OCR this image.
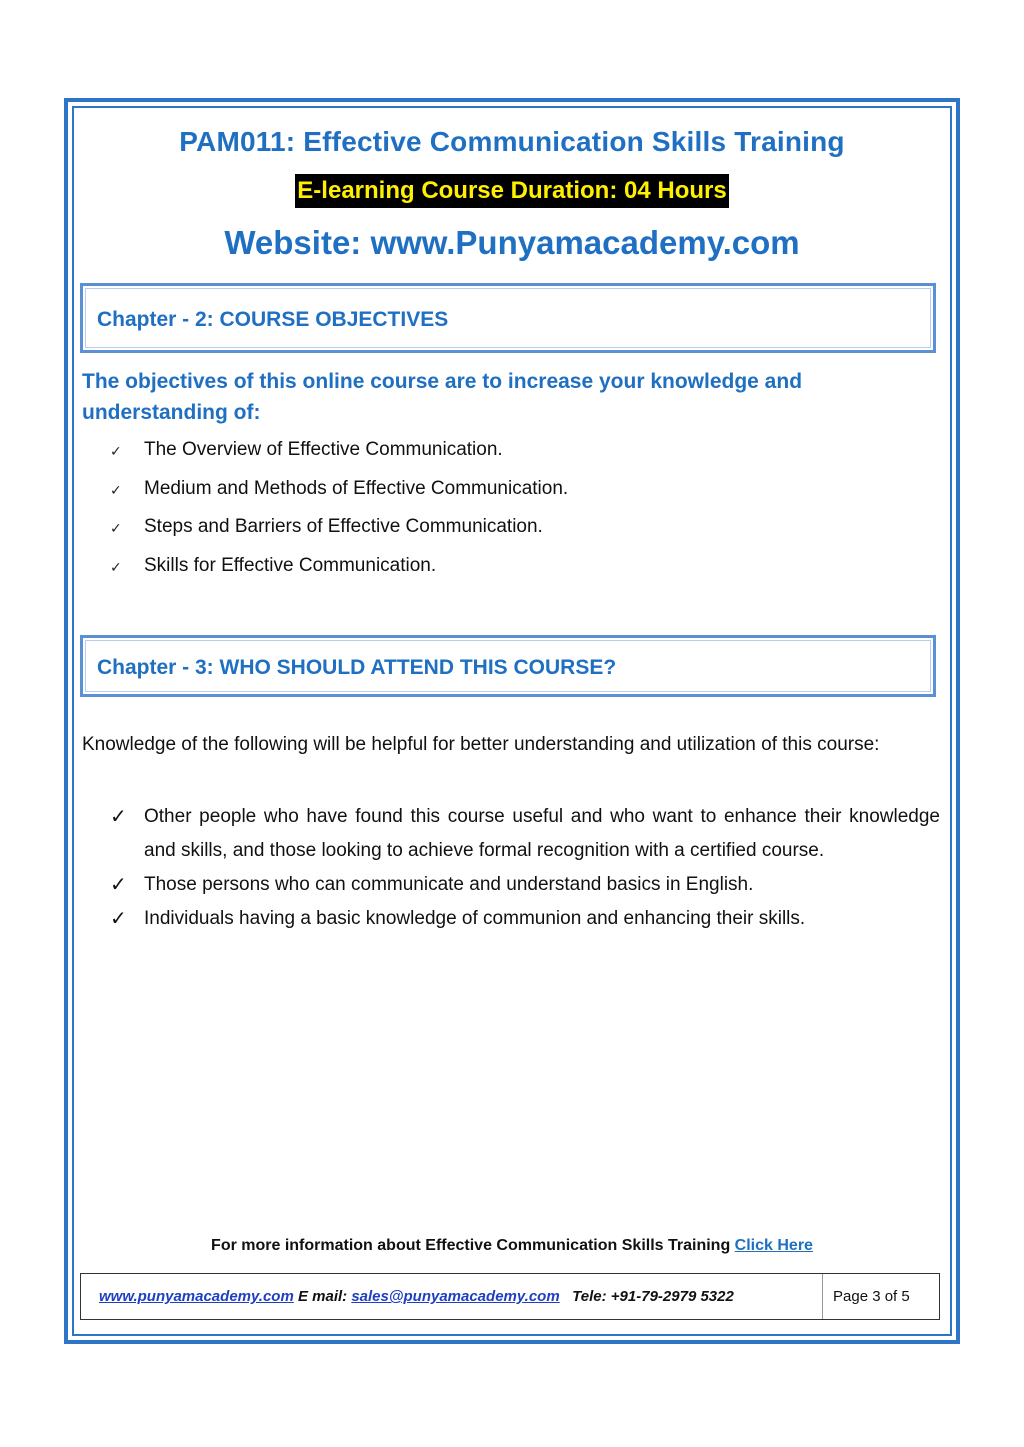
PAM011: Effective Communication Skills Training
E-learning Course Duration: 04 Hours
Website: www.Punyamacademy.com
Chapter - 2: COURSE OBJECTIVES
The objectives of this online course are to increase your knowledge and understanding of:
✓ The Overview of Effective Communication.
✓ Medium and Methods of Effective Communication.
✓ Steps and Barriers of Effective Communication.
✓ Skills for Effective Communication.
Chapter - 3: WHO SHOULD ATTEND THIS COURSE?
Knowledge of the following will be helpful for better understanding and utilization of this course:
✓ Other people who have found this course useful and who want to enhance their knowledge and skills, and those looking to achieve formal recognition with a certified course.
✓ Those persons who can communicate and understand basics in English.
✓ Individuals having a basic knowledge of communion and enhancing their skills.
For more information about Effective Communication Skills Training Click Here
www.punyamacademy.com E mail: sales@punyamacademy.com   Tele: +91-79-2979 5322	Page 3 of 5
